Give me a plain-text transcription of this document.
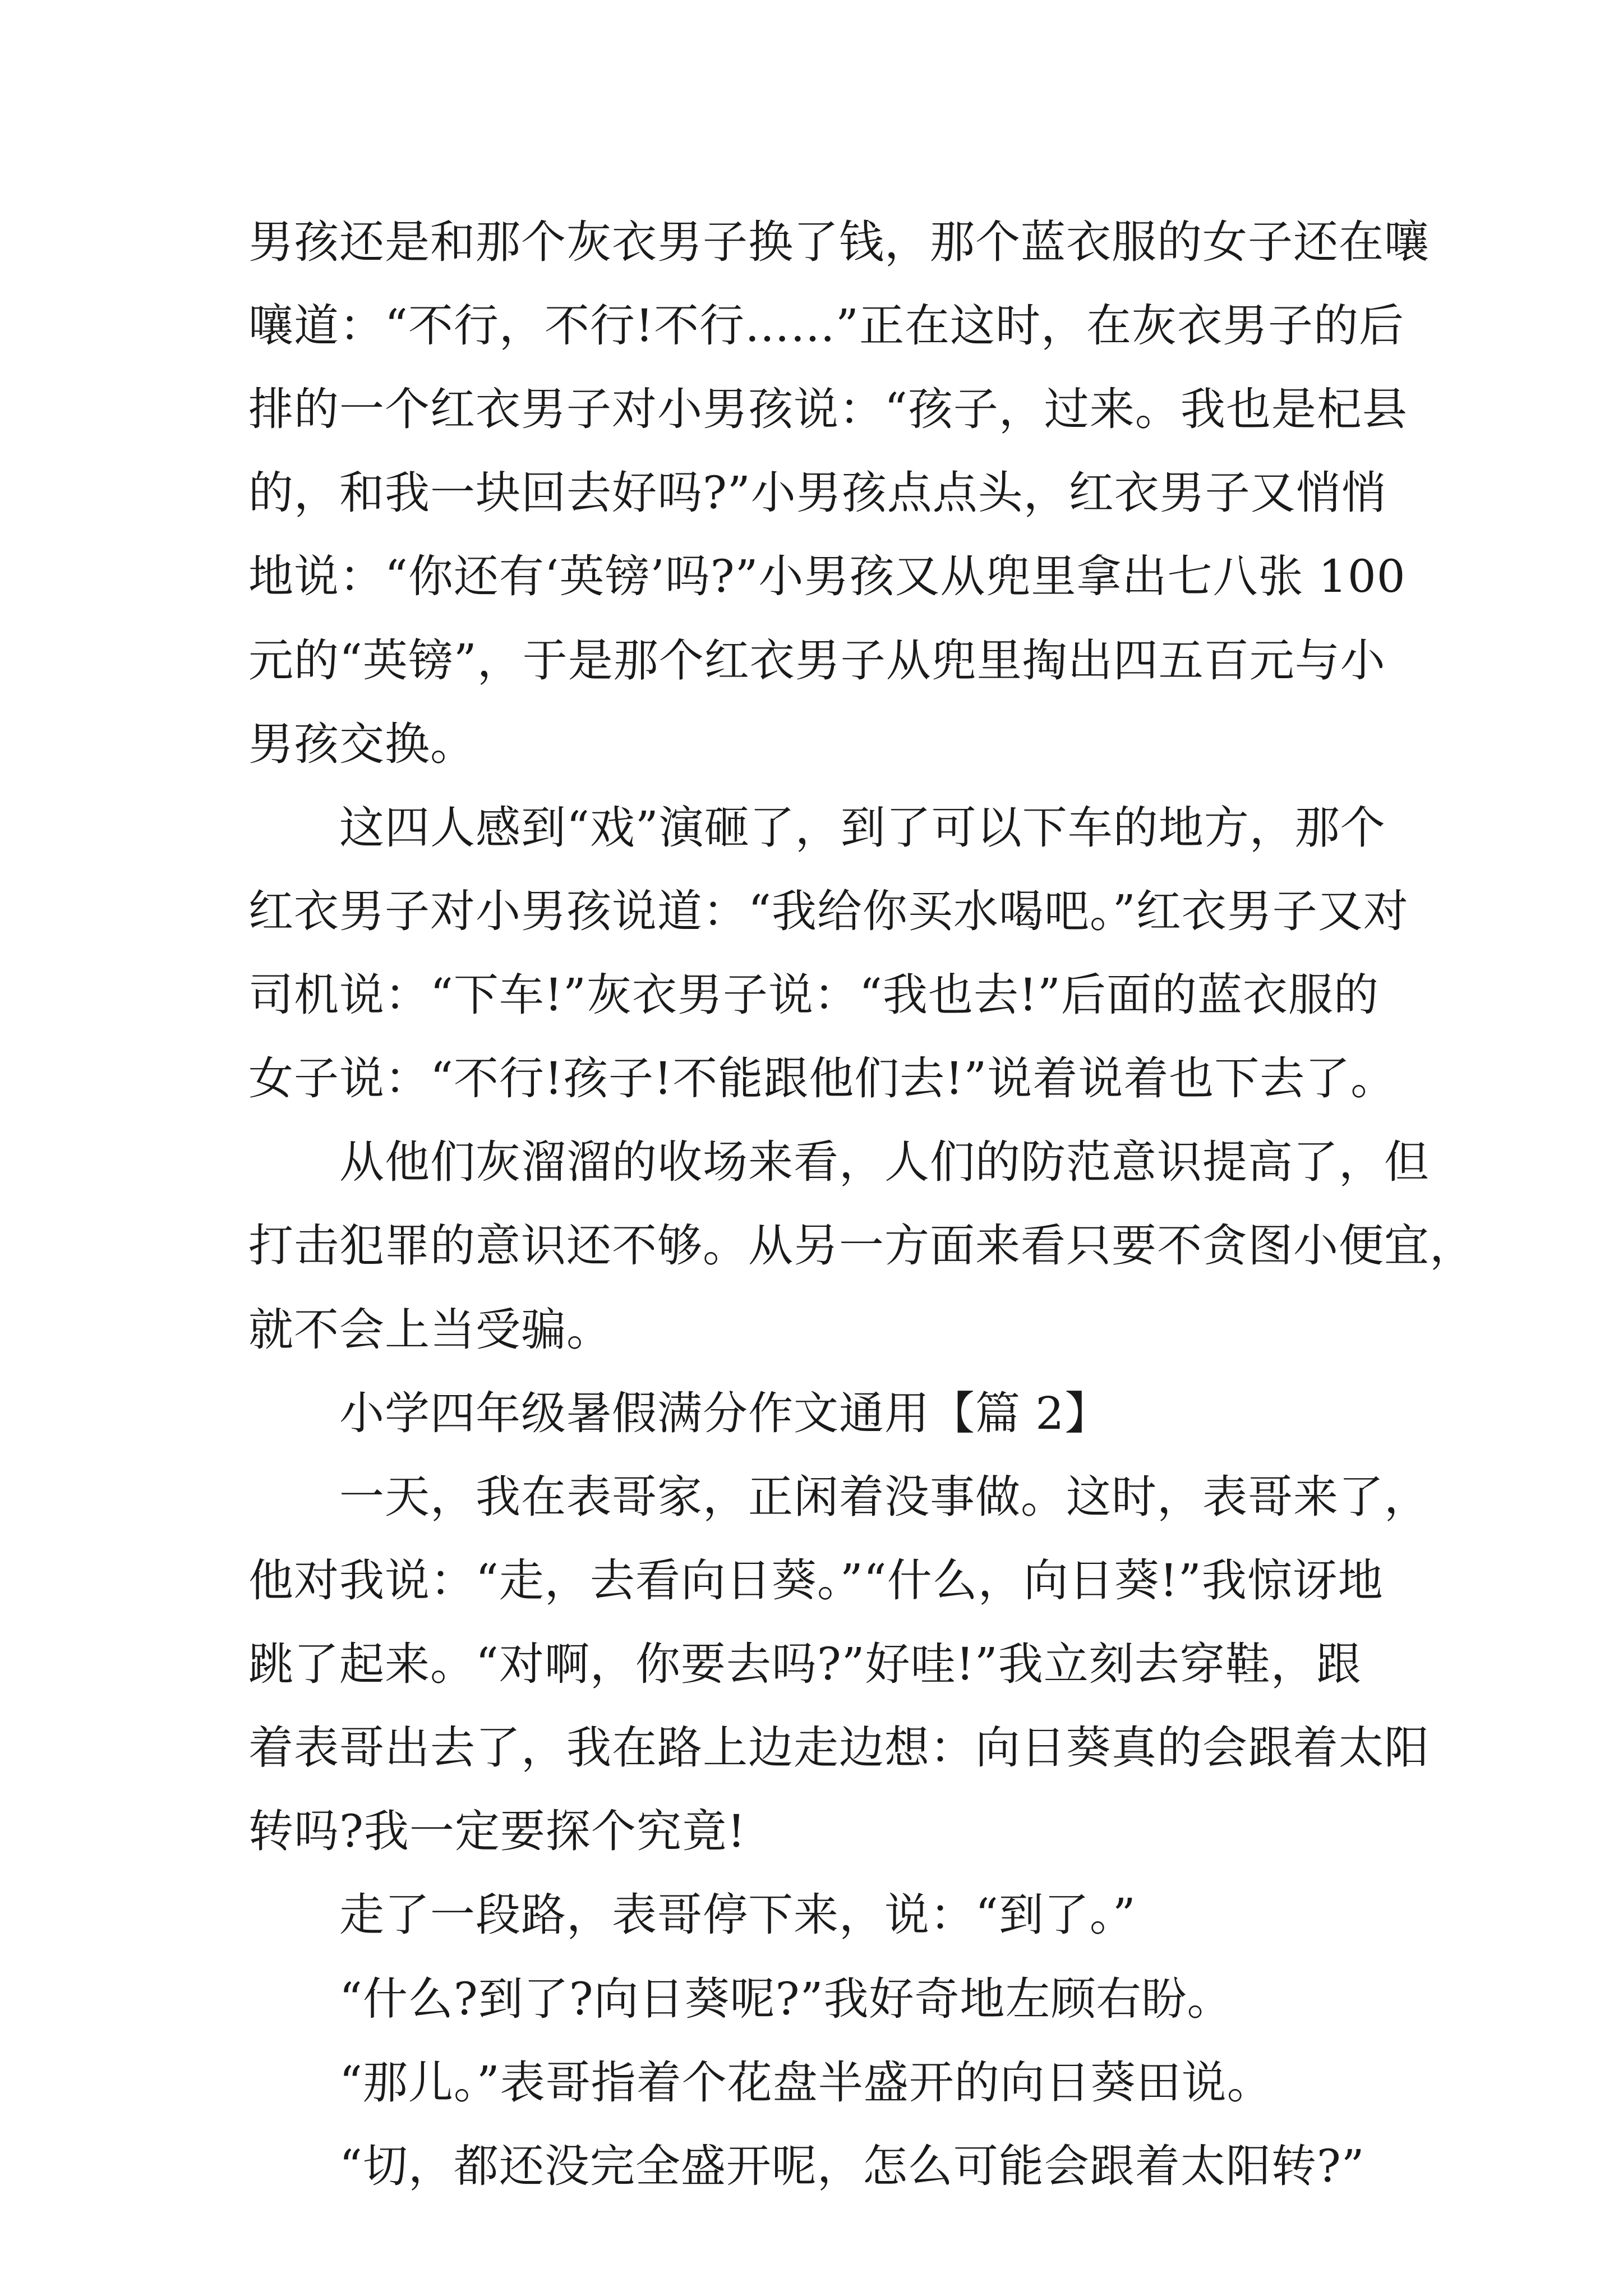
男孩还是和那个灰衣男子换了钱，那个蓝衣服的女子还在嚷
嚷道：“不行，不行!不行……”正在这时，在灰衣男子的后
排的一个红衣男子对小男孩说：“孩子，过来。我也是杞县
的，和我一块回去好吗?”小男孩点点头，红衣男子又悄悄
地说：“你还有‘英镑’吗?”小男孩又从兜里拿出七八张 100
元的“英镑”，于是那个红衣男子从兜里掏出四五百元与小
男孩交换。
这四人感到“戏”演砸了，到了可以下车的地方，那个
红衣男子对小男孩说道：“我给你买水喝吧。”红衣男子又对
司机说：“下车!”灰衣男子说：“我也去!”后面的蓝衣服的
女子说：“不行!孩子!不能跟他们去!”说着说着也下去了。
从他们灰溜溜的收场来看，人们的防范意识提高了，但
打击犯罪的意识还不够。从另一方面来看只要不贪图小便宜，
就不会上当受骗。
小学四年级暑假满分作文通用【篇 2】
一天，我在表哥家，正闲着没事做。这时，表哥来了，
他对我说：“走，去看向日葵。”“什么，向日葵!”我惊讶地
跳了起来。“对啊，你要去吗?”好哇!”我立刻去穿鞋，跟
着表哥出去了，我在路上边走边想：向日葵真的会跟着太阳
转吗?我一定要探个究竟!
走了一段路，表哥停下来，说：“到了。”
“什么?到了?向日葵呢?”我好奇地左顾右盼。
“那儿。”表哥指着个花盘半盛开的向日葵田说。
“切，都还没完全盛开呢，怎么可能会跟着太阳转?”
